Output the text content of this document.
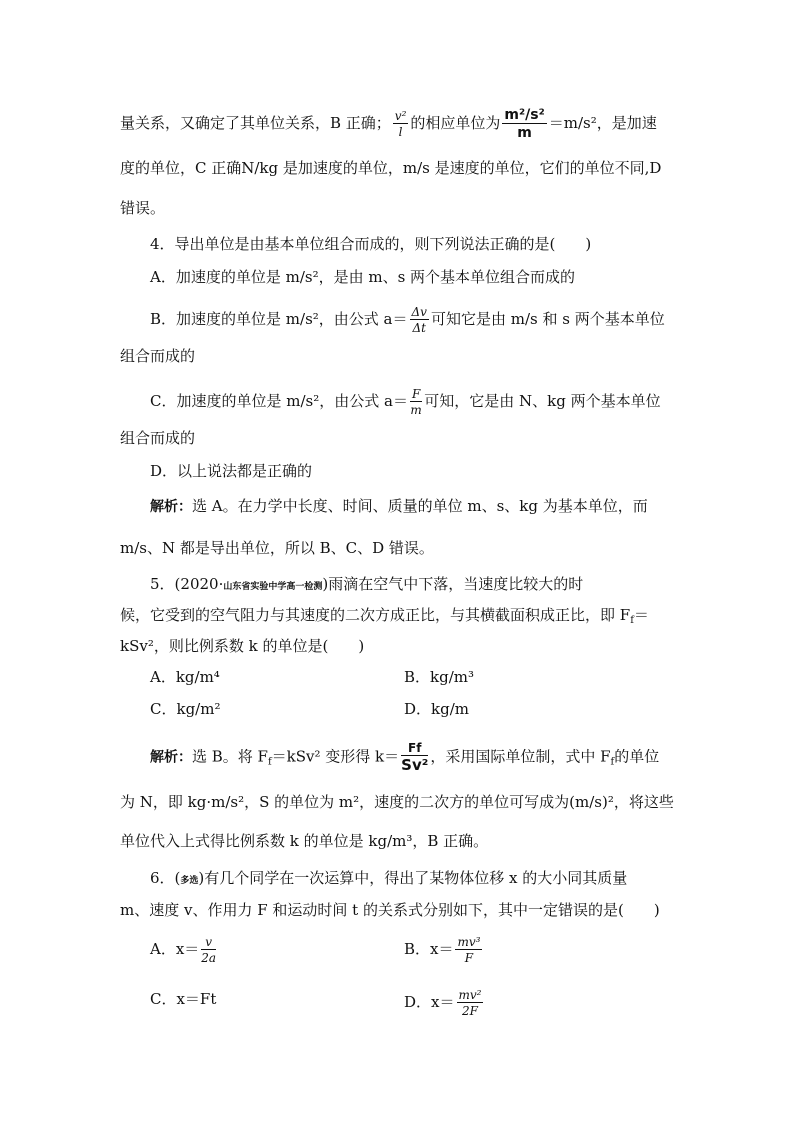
量关系，又确定了其单位关系，B 正确； $\frac{\text{v²}}{l}$ 的相应单位为 $\frac{\text{m²/s²}}{m} =m/s^2$，是加速
度的单位，C 正确N/kg 是加速度的单位，m/s 是速度的单位，它们的单位不同,D
错误。
4．导出单位是由基本单位组合而成的，则下列说法正确的是(　　)
A．加速度的单位是 m/s²，是由 m、s 两个基本单位组合而成的
B．加速度的单位是 m/s²，由公式 $a= \frac{\Delta v}{\Delta t}$ 可知它是由 m/s 和 s 两个基本单位
组合而成的
C．加速度的单位是 m/s²，由公式 $a= \frac{F}{m}$ 可知，它是由 N、kg 两个基本单位
组合而成的
D．以上说法都是正确的
解析：选 A。在力学中长度、时间、质量的单位 m、s、kg 为基本单位，而
m/s、N 都是导出单位，所以 B、C、D 错误。
5．(2020·山东省实验中学高一检测)雨滴在空气中下落，当速度比较大的时
候，它受到的空气阻力与其速度的二次方成正比，与其横截面积成正比，即 $F_f=$
kSv²，则比例系数 k 的单位是(　　)
A．kg/m⁴	B．kg/m³
C．kg/m²	D．kg/m
解析：选 B。将 $F_f=kSv^2$ 变形得 $k= \frac{Ff}{\text{Sv²}}$ ，采用国际单位制，式中 $F_f$的单位
为 N，即 kg·m/s²，S 的单位为 m²，速度的二次方的单位可写成为(m/s)²，将这些
单位代入上式得比例系数 k 的单位是 kg/m³，B 正确。
6．(多选)有几个同学在一次运算中，得出了某物体位移 x 的大小同其质量
m、速度 v、作用力 F 和运动时间 t 的关系式分别如下，其中一定错误的是(　　)
A．$x= \frac{v}{2a}$	B．$x= \frac{\text{mv³}}{F}$
C．x＝Ft	D．$x= \frac{\text{mv²}}{2F}$
